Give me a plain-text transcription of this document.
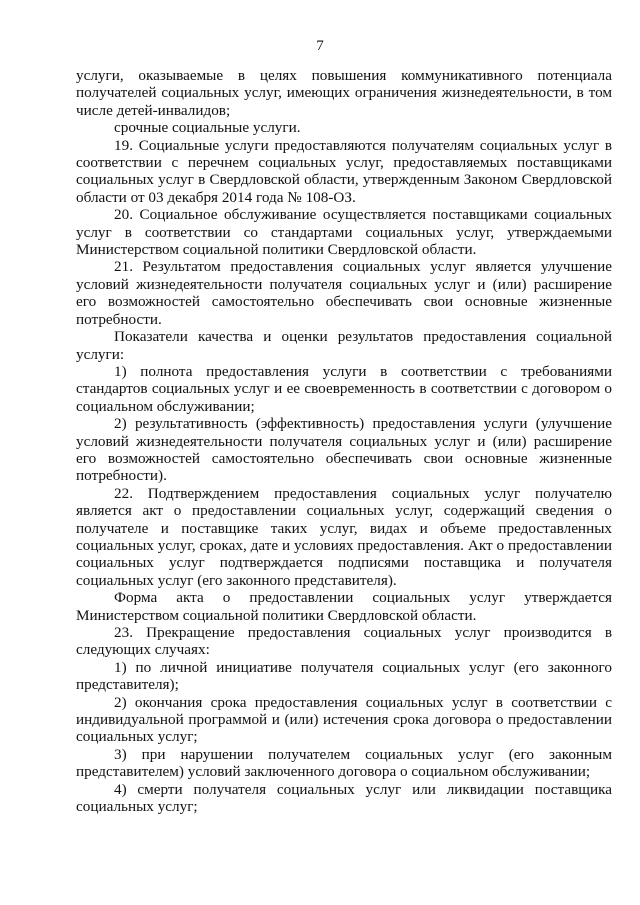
7

услуги, оказываемые в целях повышения коммуникативного потенциала получателей социальных услуг, имеющих ограничения жизнедеятельности, в том числе детей-инвалидов;

срочные социальные услуги.

19. Социальные услуги предоставляются получателям социальных услуг в соответствии с перечнем социальных услуг, предоставляемых поставщиками социальных услуг в Свердловской области, утвержденным Законом Свердловской области от 03 декабря 2014 года № 108-ОЗ.

20. Социальное обслуживание осуществляется поставщиками социальных услуг в соответствии со стандартами социальных услуг, утверждаемыми Министерством социальной политики Свердловской области.

21. Результатом предоставления социальных услуг является улучшение условий жизнедеятельности получателя социальных услуг и (или) расширение его возможностей самостоятельно обеспечивать свои основные жизненные потребности.

Показатели качества и оценки результатов предоставления социальной услуги:

1) полнота предоставления услуги в соответствии с требованиями стандартов социальных услуг и ее своевременность в соответствии с договором о социальном обслуживании;

2) результативность (эффективность) предоставления услуги (улучшение условий жизнедеятельности получателя социальных услуг и (или) расширение его возможностей самостоятельно обеспечивать свои основные жизненные потребности).

22. Подтверждением предоставления социальных услуг получателю является акт о предоставлении социальных услуг, содержащий сведения о получателе и поставщике таких услуг, видах и объеме предоставленных социальных услуг, сроках, дате и условиях предоставления. Акт о предоставлении социальных услуг подтверждается подписями поставщика и получателя социальных услуг (его законного представителя).

Форма акта о предоставлении социальных услуг утверждается Министерством социальной политики Свердловской области.

23. Прекращение предоставления социальных услуг производится в следующих случаях:

1) по личной инициативе получателя социальных услуг (его законного представителя);

2) окончания срока предоставления социальных услуг в соответствии с индивидуальной программой и (или) истечения срока договора о предоставлении социальных услуг;

3) при нарушении получателем социальных услуг (его законным представителем) условий заключенного договора о социальном обслуживании;

4) смерти получателя социальных услуг или ликвидации поставщика социальных услуг;
